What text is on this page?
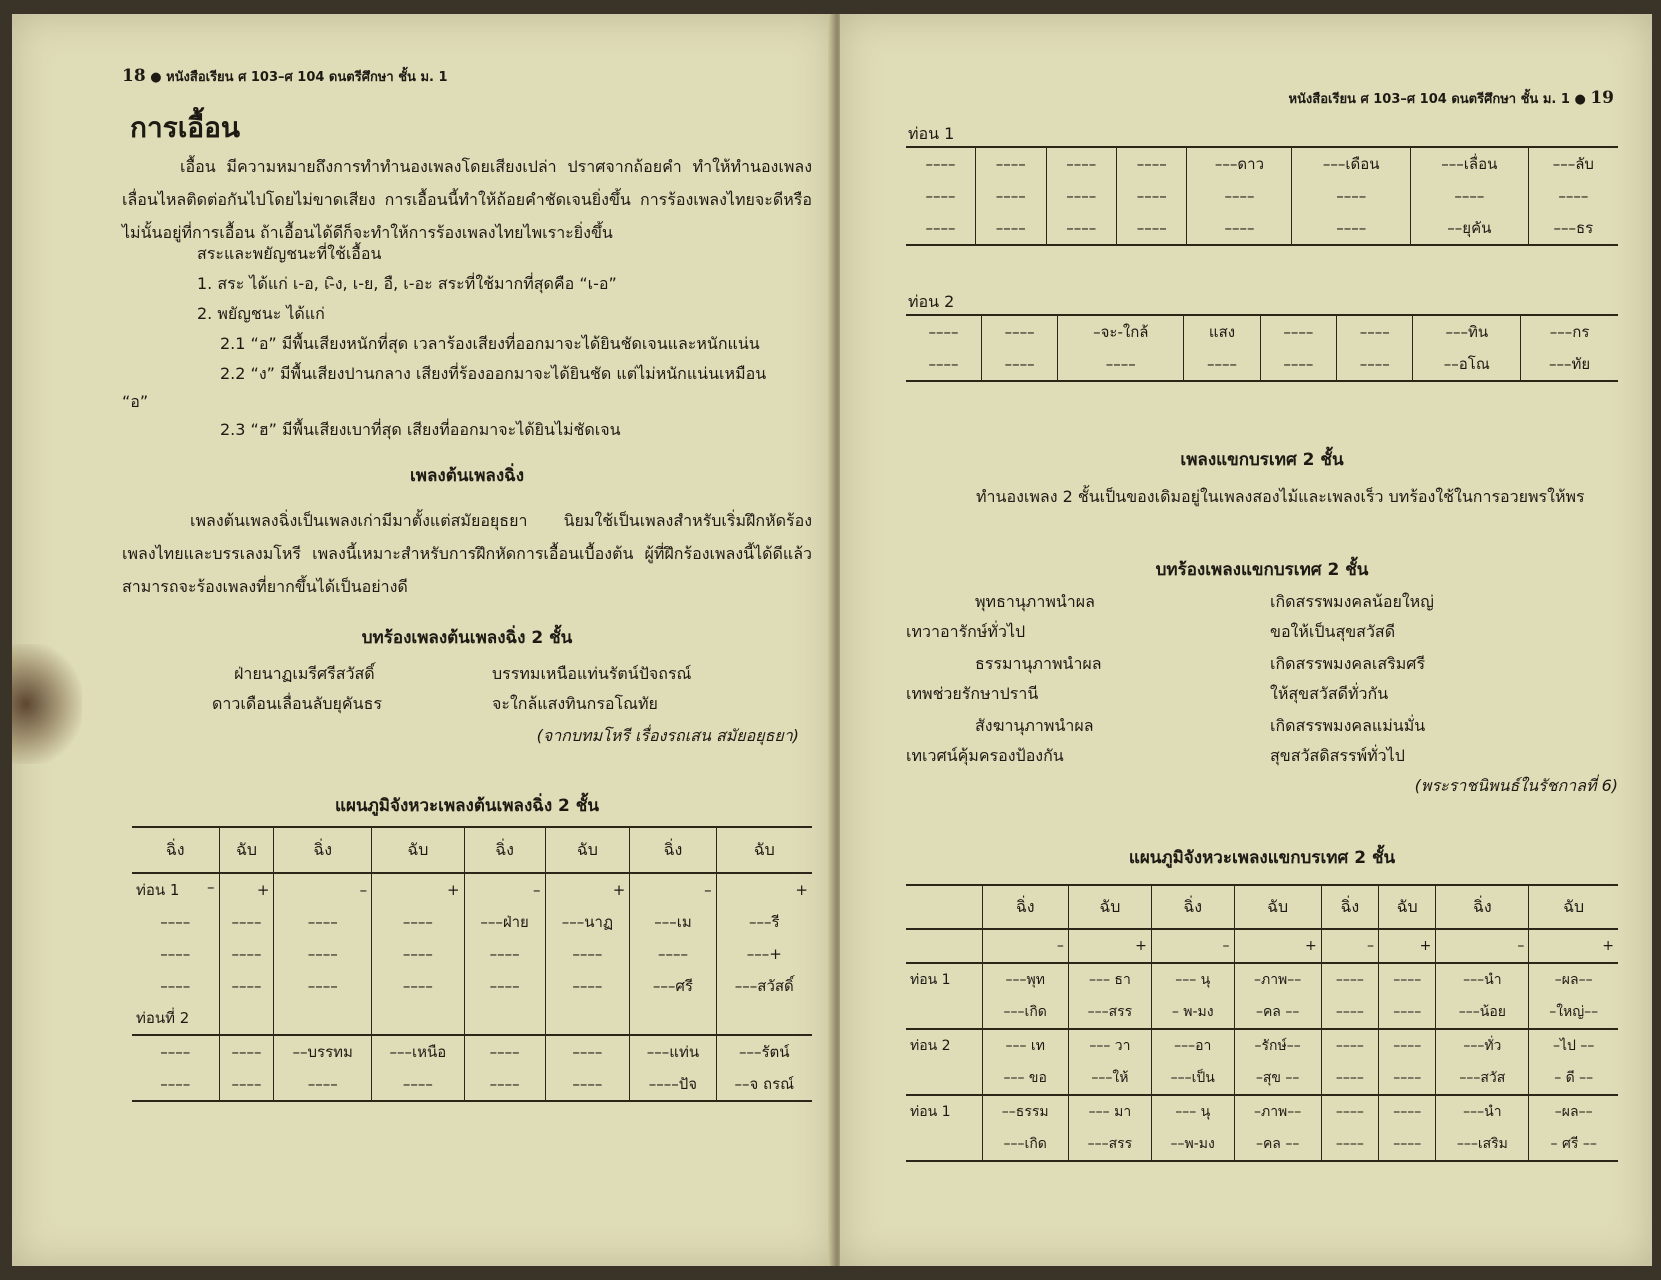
18 ● หนังสือเรียน ศ 103–ศ 104 ดนตรีศึกษา ชั้น ม. 1
การเอื้อน
เอื้อน มีความหมายถึงการทำทำนองเพลงโดยเสียงเปล่า ปราศจากถ้อยคำ ทำให้ทำนองเพลงเลื่อนไหลติดต่อกันไปโดยไม่ขาดเสียง การเอื้อนนี้ทำให้ถ้อยคำชัดเจนยิ่งขึ้น การร้องเพลงไทยจะดีหรือไม่นั้นอยู่ที่การเอื้อน ถ้าเอื้อนได้ดีก็จะทำให้การร้องเพลงไทยไพเราะยิ่งขึ้น
สระและพยัญชนะที่ใช้เอื้อน
1. สระ ได้แก่ เ-อ, เ-ิง, เ-ย, อื, เ-อะ สระที่ใช้มากที่สุดคือ “เ-อ”
2. พยัญชนะ ได้แก่
2.1 “อ” มีพื้นเสียงหนักที่สุด เวลาร้องเสียงที่ออกมาจะได้ยินชัดเจนและหนักแน่น
2.2 “ง” มีพื้นเสียงปานกลาง เสียงที่ร้องออกมาจะได้ยินชัด แต่ไม่หนักแน่นเหมือน
“อ”
2.3 “ฮ” มีพื้นเสียงเบาที่สุด เสียงที่ออกมาจะได้ยินไม่ชัดเจน
เพลงต้นเพลงฉิ่ง
เพลงต้นเพลงฉิ่งเป็นเพลงเก่ามีมาตั้งแต่สมัยอยุธยา นิยมใช้เป็นเพลงสำหรับเริ่มฝึกหัดร้องเพลงไทยและบรรเลงมโหรี เพลงนี้เหมาะสำหรับการฝึกหัดการเอื้อนเบื้องต้น ผู้ที่ฝึกร้องเพลงนี้ได้ดีแล้วสามารถจะร้องเพลงที่ยากขึ้นได้เป็นอย่างดี
บทร้องเพลงต้นเพลงฉิ่ง 2 ชั้น
ฝ่ายนาฏเมรีศรีสวัสดิ์	บรรทมเหนือแท่นรัตน์ปัจถรณ์
ดาวเดือนเลื่อนลับยุคันธร	จะใกล้แสงทินกรอโณทัย
(จากบทมโหรี เรื่องรถเสน สมัยอยุธยา)
แผนภูมิจังหวะเพลงต้นเพลงฉิ่ง 2 ชั้น
ฉิ่ง	ฉับ	ฉิ่ง	ฉับ	ฉิ่ง	ฉับ	ฉิ่ง	ฉับ
ท่อน 1 –	+	–	+	–	+	–	+
––––	––––	––––	––––	–––ฝ่าย	–––นาฏ	–––เม	–––รี
––––	––––	––––	––––	––––	––––	––––	–––+
––––	––––	––––	––––	––––	––––	–––ศรี	–––สวัสดิ์
ท่อนที่ 2							
––––	––––	––บรรทม	–––เหนือ	––––	––––	–––แท่น	–––รัตน์
––––	––––	––––	––––	––––	––––	––––ปัจ	––จ ถรณ์
หนังสือเรียน ศ 103–ศ 104 ดนตรีศึกษา ชั้น ม. 1 ● 19
ท่อน 1
––––	––––	––––	––––	–––ดาว	–––เดือน	–––เลื่อน	–––ลับ
––––	––––	––––	––––	––––	––––	––––	––––
––––	––––	––––	––––	––––	––––	––ยุคัน	–––ธร
ท่อน 2
––––	––––	–จะ-ใกล้	แสง	––––	––––	–––ทิน	–––กร
––––	––––	––––	––––	––––	––––	––อโณ	–––ทัย
เพลงแขกบรเทศ 2 ชั้น
ทำนองเพลง 2 ชั้นเป็นของเดิมอยู่ในเพลงสองไม้และเพลงเร็ว บทร้องใช้ในการอวยพรให้พร
บทร้องเพลงแขกบรเทศ 2 ชั้น
พุทธานุภาพนำผล	เกิดสรรพมงคลน้อยใหญ่
เทวาอารักษ์ทั่วไป	ขอให้เป็นสุขสวัสดี
ธรรมานุภาพนำผล	เกิดสรรพมงคลเสริมศรี
เทพช่วยรักษาปรานี	ให้สุขสวัสดีทั่วกัน
สังฆานุภาพนำผล	เกิดสรรพมงคลแม่นมั่น
เทเวศน์คุ้มครองป้องกัน	สุขสวัสดิสรรพ์ทั่วไป
(พระราชนิพนธ์ในรัชกาลที่ 6)
แผนภูมิจังหวะเพลงแขกบรเทศ 2 ชั้น
	ฉิ่ง	ฉับ	ฉิ่ง	ฉับ	ฉิ่ง	ฉับ	ฉิ่ง	ฉับ
	–	+	–	+	–	+	–	+
ท่อน 1	–––พุท	––– ธา	––– นุ	–ภาพ––	––––	––––	–––นำ	–ผล––
	–––เกิด	–––สรร	– พ-มง	–คล ––	––––	––––	–––น้อย	–ใหญ่––
ท่อน 2	––– เท	––– วา	–––อา	–รักษ์––	––––	––––	–––ทั่ว	–ไป ––
	––– ขอ	–––ให้	–––เป็น	–สุข ––	––––	––––	–––สวัส	– ดี ––
ท่อน 1	––ธรรม	––– มา	––– นุ	–ภาพ––	––––	––––	–––นำ	–ผล––
	–––เกิด	–––สรร	––พ-มง	–คล ––	––––	––––	–––เสริม	– ศรี ––
